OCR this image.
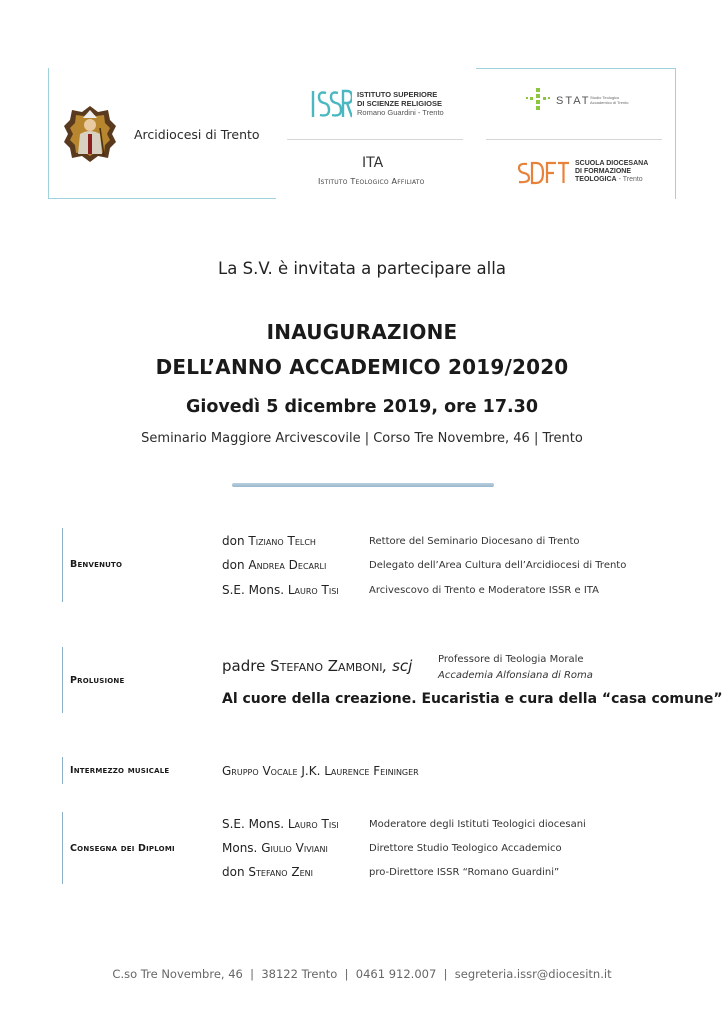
Arcidiocesi di Trento
ISTITUTO SUPERIORE
DI SCIENZE RELIGIOSE
Romano Guardini - Trento
ITA
Istituto Teologico Affiliato
STAT Studio Teologico
Accademico di Trento
SCUOLA DIOCESANA
DI FORMAZIONE
TEOLOGICA - Trento
La S.V. è invitata a partecipare alla
INAUGURAZIONE
DELL’ANNO ACCADEMICO 2019/2020
Giovedì 5 dicembre 2019, ore 17.30
Seminario Maggiore Arcivescovile | Corso Tre Novembre, 46 | Trento
Benvenuto
don Tiziano Telch	Rettore del Seminario Diocesano di Trento
don Andrea Decarli	Delegato dell’Area Cultura dell’Arcidiocesi di Trento
S.E. Mons. Lauro Tisi	Arcivescovo di Trento e Moderatore ISSR e ITA
Prolusione
padre Stefano Zamboni, scj	Professore di Teologia Morale
Accademia Alfonsiana di Roma
Al cuore della creazione. Eucaristia e cura della “casa comune”
Intermezzo musicale	Gruppo Vocale J.K. Laurence Feininger
Consegna dei Diplomi
S.E. Mons. Lauro Tisi	Moderatore degli Istituti Teologici diocesani
Mons. Giulio Viviani	Direttore Studio Teologico Accademico
don Stefano Zeni	pro-Direttore ISSR “Romano Guardini”
C.so Tre Novembre, 46  |  38122 Trento  |  0461 912.007  |  segreteria.issr@diocesitn.it
